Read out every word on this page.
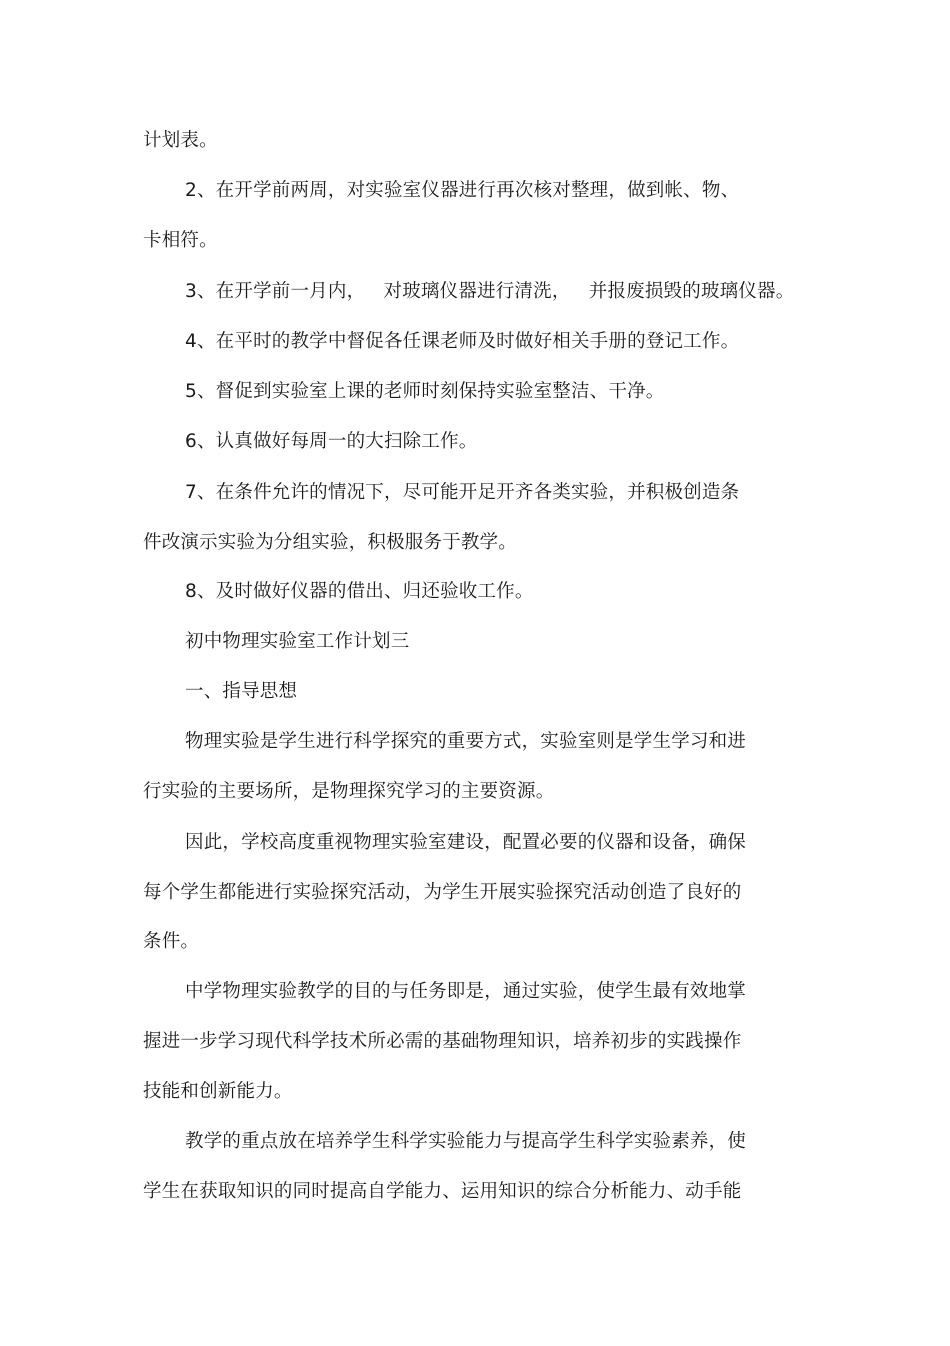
计划表。
2、在开学前两周，对实验室仪器进行再次核对整理，做到帐、物、
卡相符。
3、在开学前一月内，   对玻璃仪器进行清洗，   并报废损毁的玻璃仪器。
4、在平时的教学中督促各任课老师及时做好相关手册的登记工作。
5、督促到实验室上课的老师时刻保持实验室整洁、干净。
6、认真做好每周一的大扫除工作。
7、在条件允许的情况下，尽可能开足开齐各类实验，并积极创造条
件改演示实验为分组实验，积极服务于教学。
8、及时做好仪器的借出、归还验收工作。
初中物理实验室工作计划三
一、指导思想
物理实验是学生进行科学探究的重要方式，实验室则是学生学习和进
行实验的主要场所，是物理探究学习的主要资源。
因此，学校高度重视物理实验室建设，配置必要的仪器和设备，确保
每个学生都能进行实验探究活动，为学生开展实验探究活动创造了良好的
条件。
中学物理实验教学的目的与任务即是，通过实验，使学生最有效地掌
握进一步学习现代科学技术所必需的基础物理知识，培养初步的实践操作
技能和创新能力。
教学的重点放在培养学生科学实验能力与提高学生科学实验素养，使
学生在获取知识的同时提高自学能力、运用知识的综合分析能力、动手能
